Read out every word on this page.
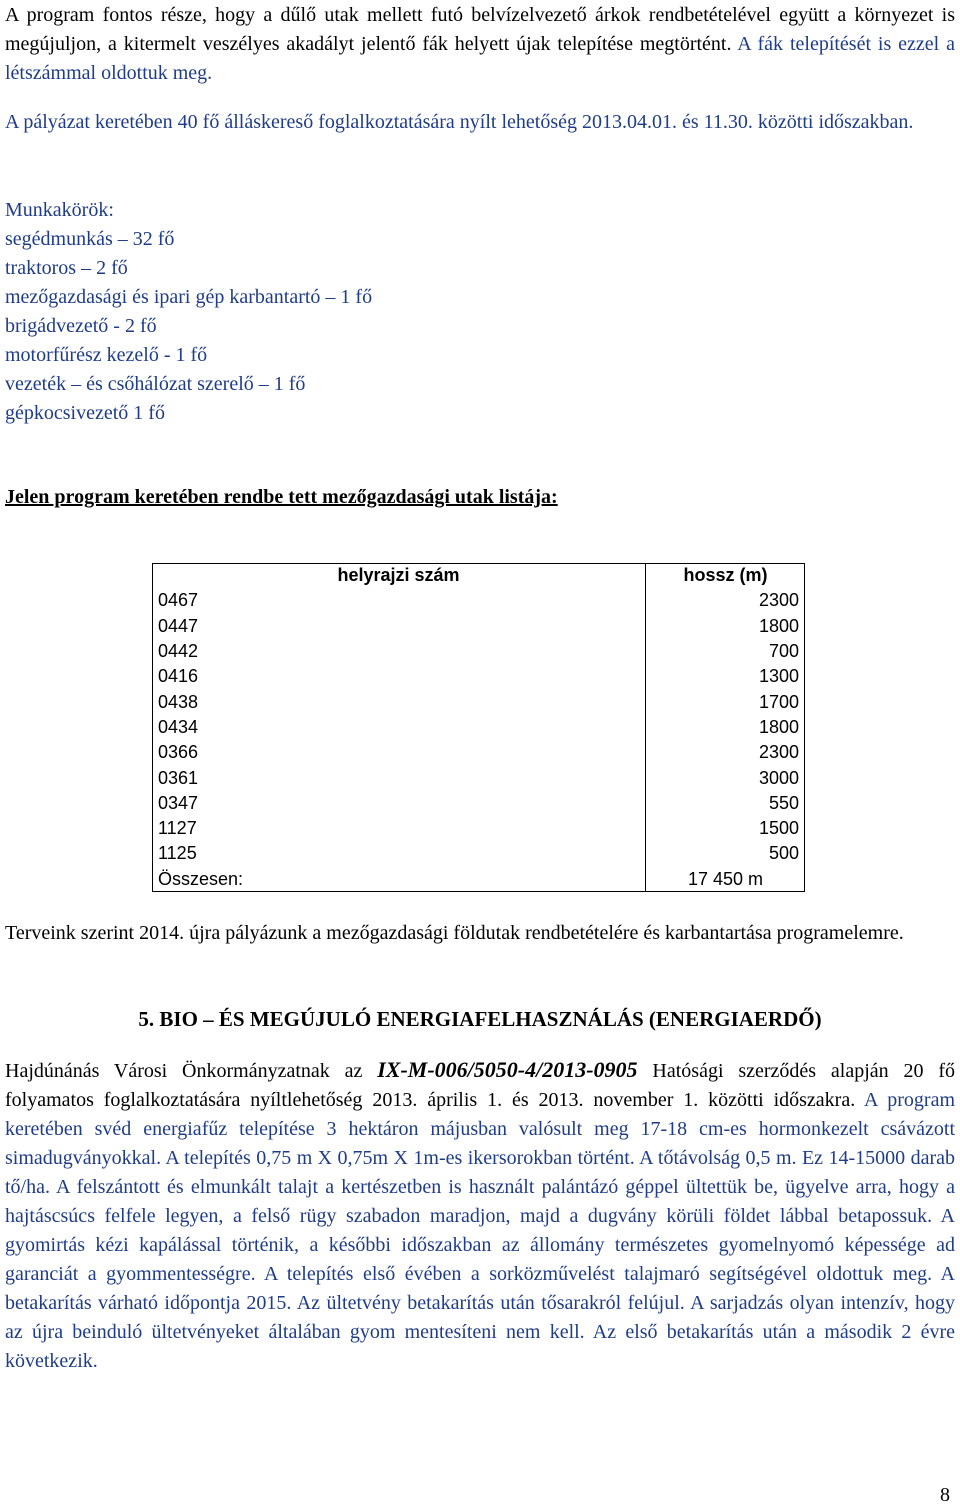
A program fontos része, hogy a dűlő utak mellett futó belvízelvezető árkok rendbetételével együtt a környezet is megújuljon, a kitermelt veszélyes akadályt jelentő fák helyett újak telepítése megtörtént. A fák telepítését is ezzel a létszámmal oldottuk meg.

A pályázat keretében 40 fő álláskereső foglalkoztatására nyílt lehetőség 2013.04.01. és 11.30. közötti időszakban.

Munkakörök:

segédmunkás – 32 fő

traktoros – 2 fő

mezőgazdasági és ipari gép karbantartó – 1 fő

brigádvezető - 2 fő

motorfűrész kezelő - 1 fő

vezeték – és csőhálózat szerelő – 1 fő

gépkocsivezető 1 fő

Jelen program keretében rendbe tett mezőgazdasági utak listája:

helyrajzi szám	hossz (m)
0467	2300
0447	1800
0442	700
0416	1300
0438	1700
0434	1800
0366	2300
0361	3000
0347	550
1127	1500
1125	500
Összesen:	17 450 m

Terveink szerint 2014. újra pályázunk a mezőgazdasági földutak rendbetételére és karbantartása programelemre.

5. BIO – ÉS MEGÚJULÓ ENERGIAFELHASZNÁLÁS (ENERGIAERDŐ)

Hajdúnánás Városi Önkormányzatnak az IX-M-006/5050-4/2013-0905 Hatósági szerződés alapján 20 fő folyamatos foglalkoztatására nyíltlehetőség 2013. április 1. és 2013. november 1. közötti időszakra. A program keretében svéd energiafűz telepítése 3 hektáron májusban valósult meg 17-18 cm-es hormonkezelt csávázott simadugványokkal. A telepítés 0,75 m X 0,75m X 1m-es ikersorokban történt. A tőtávolság 0,5 m. Ez 14-15000 darab tő/ha. A felszántott és elmunkált talajt a kertészetben is használt palántázó géppel ültettük be, ügyelve arra, hogy a hajtáscsúcs felfele legyen, a felső rügy szabadon maradjon, majd a dugvány körüli földet lábbal betapossuk. A gyomirtás kézi kapálással történik, a későbbi időszakban az állomány természetes gyomelnyomó képessége ad garanciát a gyommentességre. A telepítés első évében a sorközművelést talajmaró segítségével oldottuk meg. A betakarítás várható időpontja 2015. Az ültetvény betakarítás után tősarakról felújul. A sarjadzás olyan intenzív, hogy az újra beinduló ültetvényeket általában gyom mentesíteni nem kell. Az első betakarítás után a második 2 évre következik.

8
